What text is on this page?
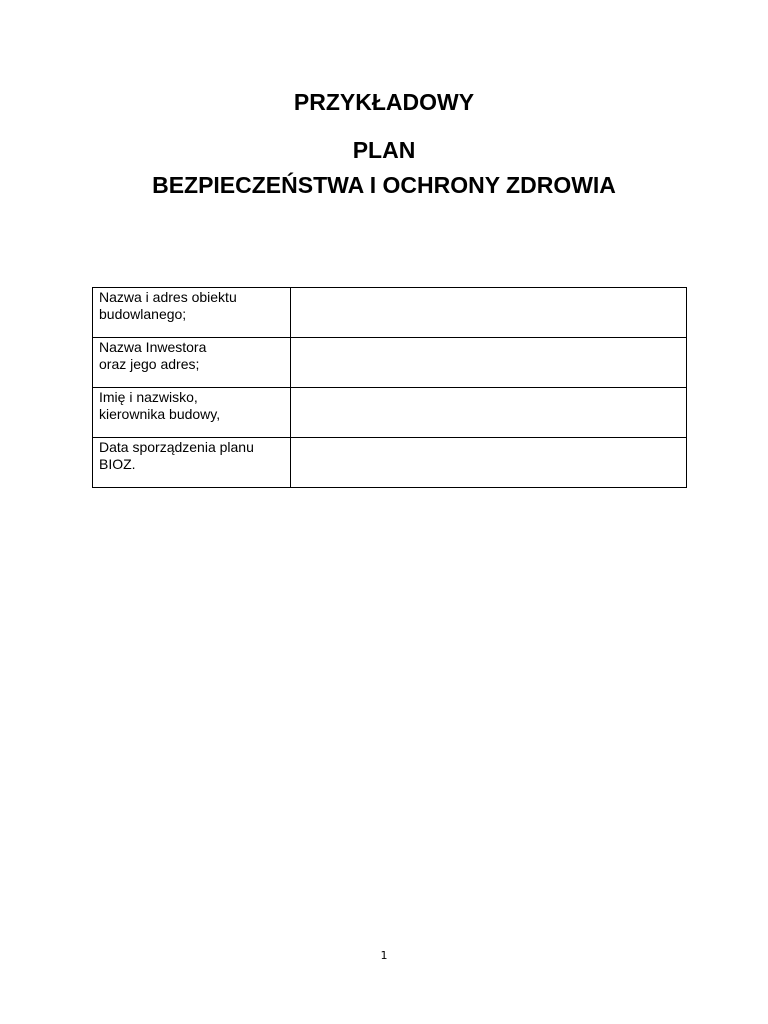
PRZYKŁADOWY
PLAN
BEZPIECZEŃSTWA I OCHRONY ZDROWIA
Nazwa i adres obiektu
budowlanego;	

Nazwa Inwestora
oraz jego adres;	

Imię i nazwisko,
kierownika budowy,	

Data sporządzenia planu
BIOZ.	

1
